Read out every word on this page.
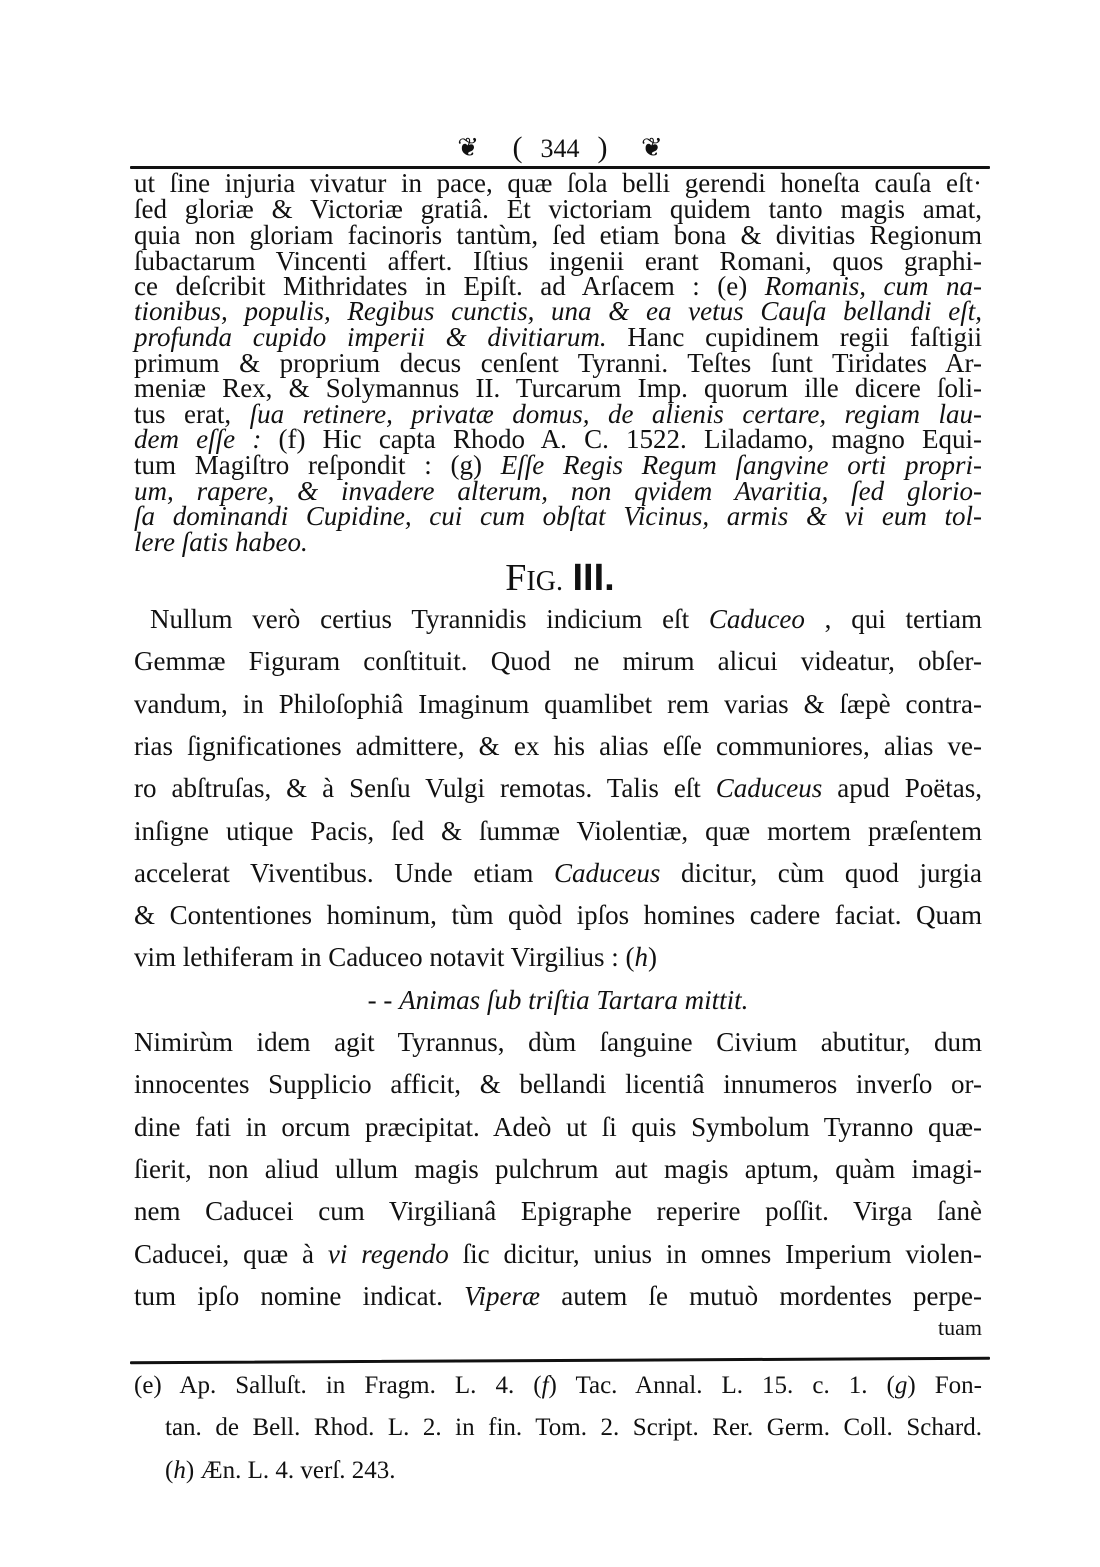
❦ ( 344 ) ❦
ut ſine injuria vivatur in pace, quæ ſola belli gerendi honeſta cauſa eſt·
ſed gloriæ & Victoriæ gratiâ. Et victoriam quidem tanto magis amat,
quia non gloriam facinoris tantùm, ſed etiam bona & divitias Regionum
ſubactarum Vincenti affert. Iſtius ingenii erant Romani, quos graphi-
ce deſcribit Mithridates in Epiſt. ad Arſacem : (e) Romanis, cum na-
tionibus, populis, Regibus cunctis, una & ea vetus Cauſa bellandi eſt,
profunda cupido imperii & divitiarum. Hanc cupidinem regii faſtigii
primum & proprium decus cenſent Tyranni. Teſtes ſunt Tiridates Ar-
meniæ Rex, & Solymannus II. Turcarum Imp. quorum ille dicere ſoli-
tus erat, ſua retinere, privatæ domus, de alienis certare, regiam lau-
dem eſſe : (f) Hic capta Rhodo A. C. 1522. Liladamo, magno Equi-
tum Magiſtro reſpondit : (g) Eſſe Regis Regum ſangvine orti propri-
um, rapere, & invadere alterum, non qvidem Avaritia, ſed glorio-
ſa dominandi Cupidine, cui cum obſtat Vicinus, armis & vi eum tol-
lere ſatis habeo.
FIG. III.
Nullum verò certius Tyrannidis indicium eſt Caduceo , qui tertiam
Gemmæ Figuram conſtituit. Quod ne mirum alicui videatur, obſer-
vandum, in Philoſophiâ Imaginum quamlibet rem varias & ſæpè contra-
rias ſignificationes admittere, & ex his alias eſſe communiores, alias ve-
ro abſtruſas, & à Senſu Vulgi remotas. Talis eſt Caduceus apud Poëtas,
inſigne utique Pacis, ſed & ſummæ Violentiæ, quæ mortem præſentem
accelerat Viventibus. Unde etiam Caduceus dicitur, cùm quod jurgia
& Contentiones hominum, tùm quòd ipſos homines cadere faciat. Quam
vim lethiferam in Caduceo notavit Virgilius : (h)
- - Animas ſub triſtia Tartara mittit.
Nimirùm idem agit Tyrannus, dùm ſanguine Civium abutitur, dum
innocentes Supplicio afficit, & bellandi licentiâ innumeros inverſo or-
dine fati in orcum præcipitat. Adeò ut ſi quis Symbolum Tyranno quæ-
ſierit, non aliud ullum magis pulchrum aut magis aptum, quàm imagi-
nem Caducei cum Virgilianâ Epigraphe reperire poſſit. Virga ſanè
Caducei, quæ à vi regendo ſic dicitur, unius in omnes Imperium violen-
tum ipſo nomine indicat. Viperæ autem ſe mutuò mordentes perpe-
tuam
(e) Ap. Salluſt. in Fragm. L. 4. (f) Tac. Annal. L. 15. c. 1. (g) Fon-
tan. de Bell. Rhod. L. 2. in fin. Tom. 2. Script. Rer. Germ. Coll. Schard.
(h) Æn. L. 4. verſ. 243.
